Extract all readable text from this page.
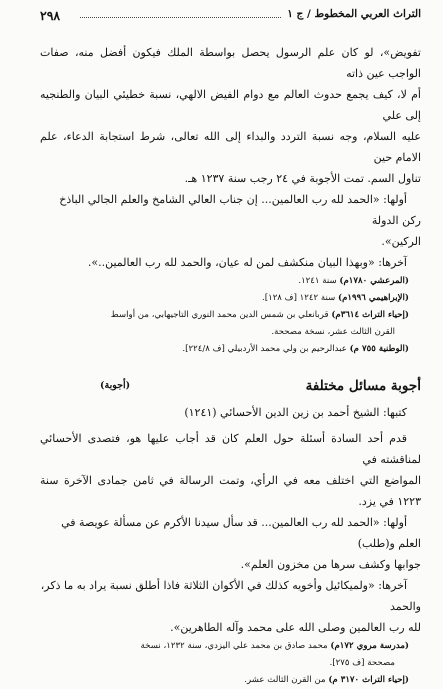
التراث العربي المخطوط / ج ١
٢٩٨

تفويض»، لو كان علم الرسول يحصل بواسطة الملك فيكون أفضل منه، صفات الواجب عين ذاته

أم لا، كيف يجمع حدوث العالم مع دوام الفيض الالهي، نسبة خطيئي البيان والطنجيه إلى علي

عليه السلام، وجه نسبة التردد والبداء إلى الله تعالى، شرط استجابة الدعاء، علم الامام حين

تناول السم. تمت الأجوبة في ٢٤ رجب سنة ١٢٣٧ هـ.

أولها: «الحمد لله رب العالمين... إن جناب العالي الشامخ والعلم الجالي الباذخ ركن الدولة

الركين».

آخرها: «وبهذا البيان منكشف لمن له عيان، والحمد لله رب العالمين..».

(المرعشي ١٧٨٠م) سنة ١٢٤١.

(الإبراهيمي ١٩٩٦م) سنة ١٢٤٢ [ف ١٢٨].

(إحياء التراث ٣٦١٤م) قربانعلي بن شمس الدين محمد النوري التاجيهابي، من أواسط

القرن الثالث عشر، نسخة مصححة.

(الوطنية ٧٥٥ م) عبدالرحيم بن ولي محمد الأردبيلي [ف ٢٢٤/٨].

أجوبة مسائل مختلفة
(أجوبة)

كتبها: الشيخ أحمد بن زين الدين الأحسائي (١٢٤١)

قدم أحد السادة أسئلة حول العلم كان قد أجاب عليها هو، فتصدى الأحسائي لمناقشته في

المواضع التي اختلف معه في الرأي، وتمت الرسالة في ثامن جمادى الآخرة سنة ١٢٢٣ في يزد.

أولها: «الحمد لله رب العالمين... قد سأل سيدنا الأكرم عن مسألة عويصة في العلم و(طلب)

جوابها وكشف سرها من مخزون العلم».

آخرها: «ولميكائيل وأخويه كذلك في الأكوان الثلاثة فاذا أطلق نسبة يراد به ما ذكر، والحمد

لله رب العالمين وصلى الله على محمد وآله الطاهرين».

(مدرسة مروي ١٧٢م) محمد صادق بن محمد علي اليزدي، سنة ١٢٣٢، نسخة

مصححة [ف ٢٧٥].

(إحياء التراث ٣١٧٠ م) من القرن الثالث عشر.
